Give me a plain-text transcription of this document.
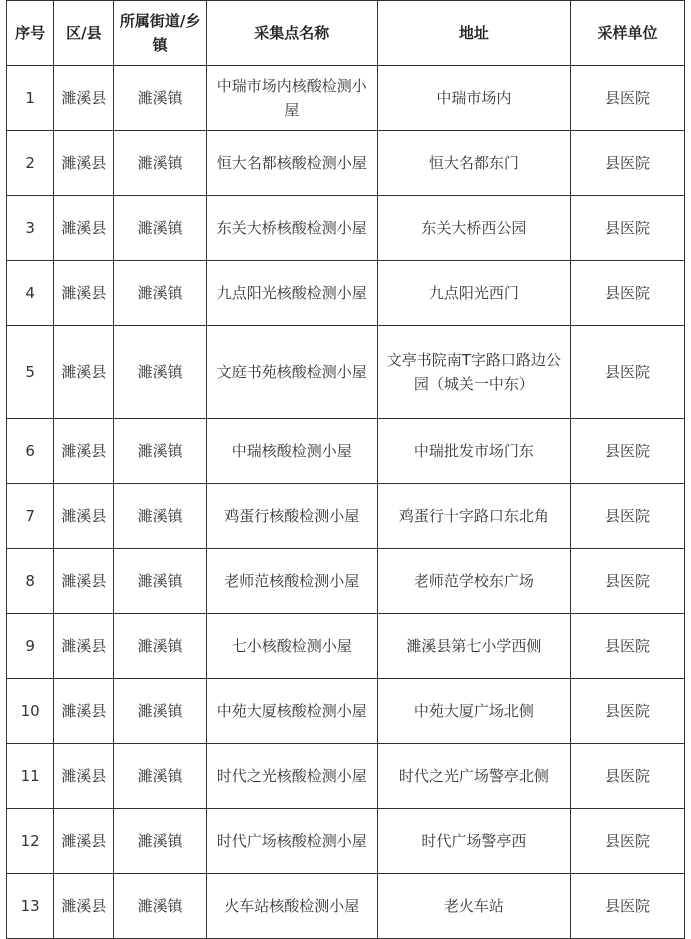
序号	区/县	所属街道/乡镇	采集点名称	地址	采样单位
1	濉溪县	濉溪镇	中瑞市场内核酸检测小屋	中瑞市场内	县医院
2	濉溪县	濉溪镇	恒大名都核酸检测小屋	恒大名都东门	县医院
3	濉溪县	濉溪镇	东关大桥核酸检测小屋	东关大桥西公园	县医院
4	濉溪县	濉溪镇	九点阳光核酸检测小屋	九点阳光西门	县医院
5	濉溪县	濉溪镇	文庭书苑核酸检测小屋	文亭书院南T字路口路边公园（城关一中东）	县医院
6	濉溪县	濉溪镇	中瑞核酸检测小屋	中瑞批发市场门东	县医院
7	濉溪县	濉溪镇	鸡蛋行核酸检测小屋	鸡蛋行十字路口东北角	县医院
8	濉溪县	濉溪镇	老师范核酸检测小屋	老师范学校东广场	县医院
9	濉溪县	濉溪镇	七小核酸检测小屋	濉溪县第七小学西侧	县医院
10	濉溪县	濉溪镇	中苑大厦核酸检测小屋	中苑大厦广场北侧	县医院
11	濉溪县	濉溪镇	时代之光核酸检测小屋	时代之光广场警亭北侧	县医院
12	濉溪县	濉溪镇	时代广场核酸检测小屋	时代广场警亭西	县医院
13	濉溪县	濉溪镇	火车站核酸检测小屋	老火车站	县医院
